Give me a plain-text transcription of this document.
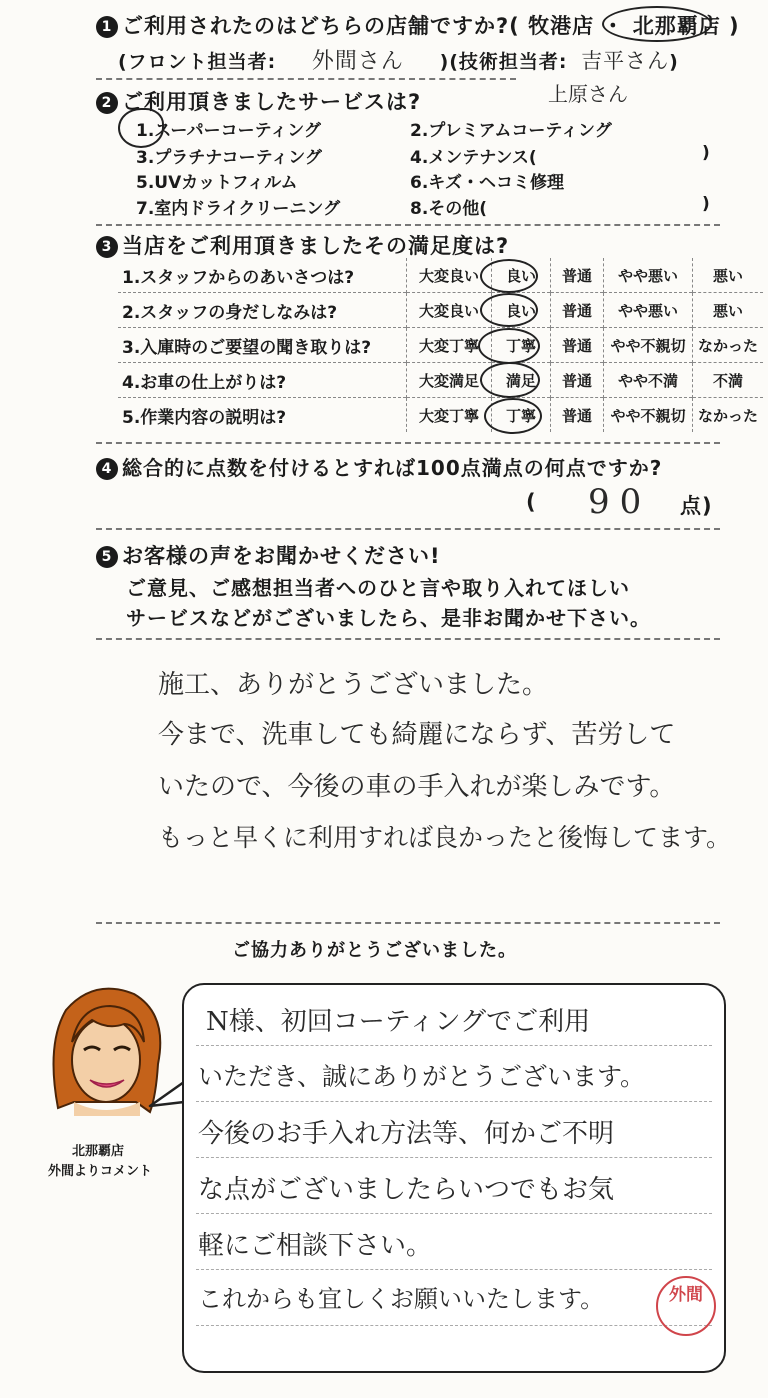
1 ご利用されたのはどちらの店舗ですか?( 牧港店 ・ 北那覇店 )
(フロント担当者: 外間さん )(技術担当者: 吉平さん)
上原さん
2 ご利用頂きましたサービスは?
1.スーパーコーティング	2.プレミアムコーティング
3.プラチナコーティング	4.メンテナンス(	)
5.UVカットフィルム	6.キズ・ヘコミ修理
7.室内ドライクリーニング	8.その他(	)
3 当店をご利用頂きましたその満足度は?
1.スタッフからのあいさつは?	大変良い	良い	普通	やや悪い	悪い
2.スタッフの身だしなみは?	大変良い	良い	普通	やや悪い	悪い
3.入庫時のご要望の聞き取りは?	大変丁寧	丁寧	普通	やや不親切	なかった
4.お車の仕上がりは?	大変満足	満足	普通	やや不満	不満
5.作業内容の説明は?	大変丁寧	丁寧	普通	やや不親切	なかった
4 総合的に点数を付けるとすれば100点満点の何点ですか?
( 90 点)
5 お客様の声をお聞かせください!
ご意見、ご感想担当者へのひと言や取り入れてほしい
サービスなどがございましたら、是非お聞かせ下さい。
施工、ありがとうございました。
今まで、洗車しても綺麗にならず、苦労して
いたので、今後の車の手入れが楽しみです。
もっと早くに利用すれば良かったと後悔してます。
ご協力ありがとうございました。
北那覇店
外間よりコメント
N様、初回コーティングでご利用
いただき、誠にありがとうございます。
今後のお手入れ方法等、何かご不明
な点がございましたらいつでもお気
軽にご相談下さい。
これからも宜しくお願いいたします。	外間
